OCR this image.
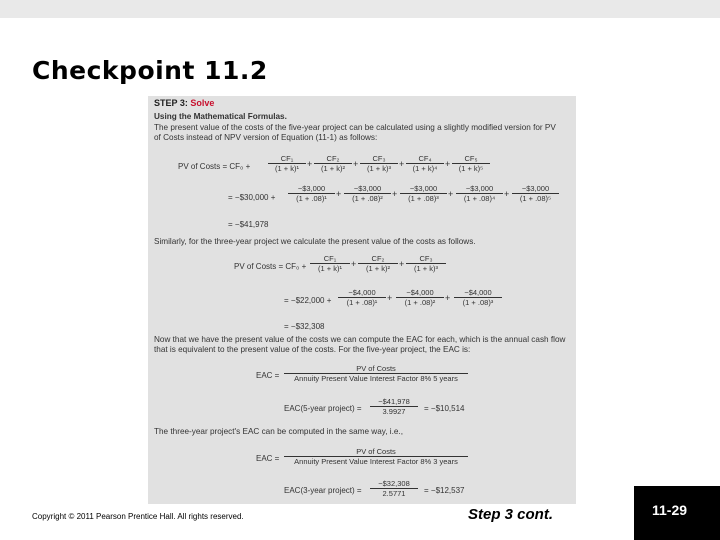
Checkpoint 11.2
STEP 3: Solve
Using the Mathematical Formulas.
The present value of the costs of the five-year project can be calculated using a slightly modified version for PV
of Costs instead of NPV version of Equation (11-1) as follows:
PV of Costs = $CF_0 + \frac{\text{CF₁}}{\text{(1 + k)¹}} + \frac{\text{CF₂}}{\text{(1 + k)²}} + \frac{\text{CF₃}}{\text{(1 + k)³}} + \frac{\text{CF₄}}{\text{(1 + k)⁴}} + \frac{\text{CF₅}}{\text{(1 + k)⁵}}$
= −$30,000 + $\frac{-\$3,000}{\text{(1 + .08)¹}} + \frac{-\$3,000}{\text{(1 + .08)²}} + \frac{-\$3,000}{\text{(1 + .08)³}} + \frac{-\$3,000}{\text{(1 + .08)⁴}} + \frac{-\$3,000}{\text{(1 + .08)⁵}}$
= −$41,978
Similarly, for the three-year project we calculate the present value of the costs as follows.
PV of Costs = $CF_0 + \frac{\text{CF₁}}{\text{(1 + k)¹}} + \frac{\text{CF₂}}{\text{(1 + k)²}} + \frac{\text{CF₃}}{\text{(1 + k)³}}$
= −$22,000 + $\frac{-\$4,000}{\text{(1 + .08)¹}} + \frac{-\$4,000}{\text{(1 + .08)²}} + \frac{-\$4,000}{\text{(1 + .08)³}}$
= −$32,308
Now that we have the present value of the costs we can compute the EAC for each, which is the annual cash flow
that is equivalent to the present value of the costs. For the five-year project, the EAC is:
EAC =
PV of Costs
Annuity Present Value Interest Factor 8% 5 years
EAC(5-year project) = $\frac{-\$41,978}{3.9927}$ = −$10,514
The three-year project's EAC can be computed in the same way, i.e.,
EAC =
PV of Costs
Annuity Present Value Interest Factor 8% 3 years
EAC(3-year project) = $\frac{-\$32,308}{2.5771}$ = −$12,537
Copyright © 2011 Pearson Prentice Hall. All rights reserved.	Step 3 cont.	11-29
